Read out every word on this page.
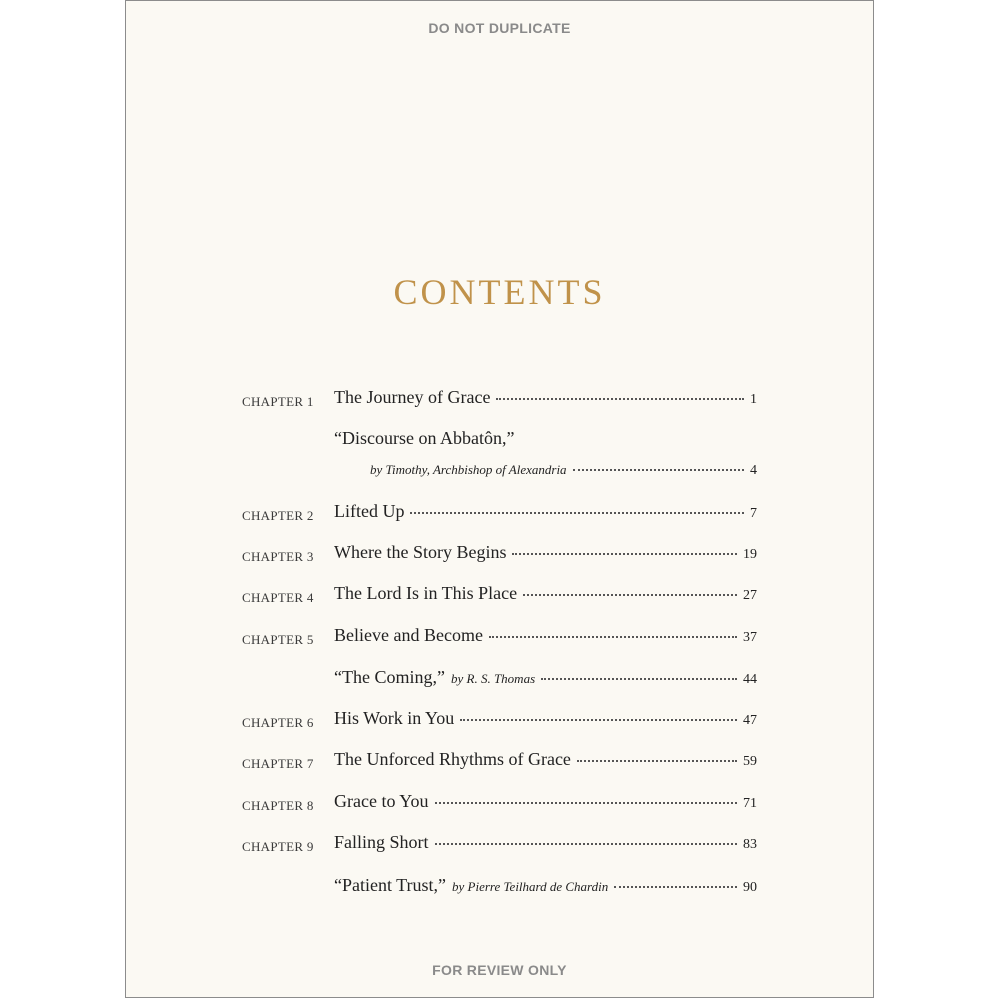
DO NOT DUPLICATE
CONTENTS
CHAPTER 1 The Journey of Grace	1
“Discourse on Abbatôn,”
by Timothy, Archbishop of Alexandria	4
CHAPTER 2 Lifted Up	7
CHAPTER 3 Where the Story Begins	19
CHAPTER 4 The Lord Is in This Place	27
CHAPTER 5 Believe and Become	37
“The Coming,” by R. S. Thomas	44
CHAPTER 6 His Work in You	47
CHAPTER 7 The Unforced Rhythms of Grace	59
CHAPTER 8 Grace to You	71
CHAPTER 9 Falling Short	83
“Patient Trust,” by Pierre Teilhard de Chardin	90
FOR REVIEW ONLY
